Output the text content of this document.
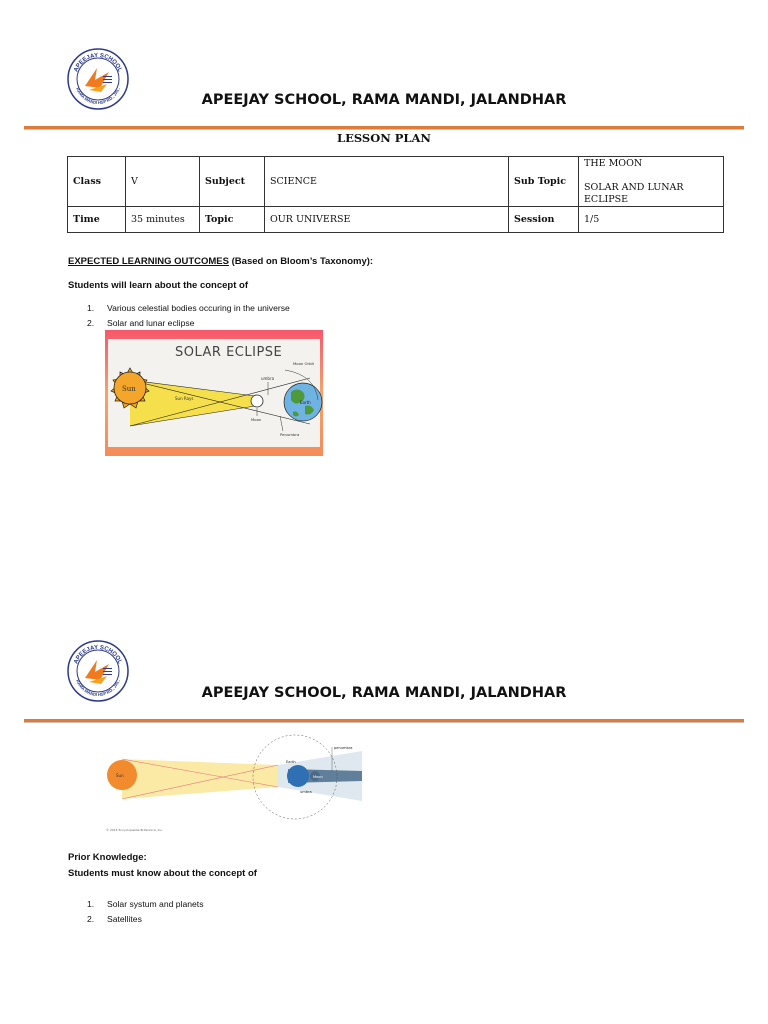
APEEJAY SCHOOL
RAMA MANDI HSP RD., JAL.
APEEJAY SCHOOL, RAMA MANDI, JALANDHAR
LESSON PLAN
Class	V	Subject	SCIENCE	Sub Topic	THE MOON
SOLAR AND LUNAR ECLIPSE

Time	35 minutes	Topic	OUR UNIVERSE	Session	1/5
EXPECTED LEARNING OUTCOMES (Based on Bloom’s Taxonomy):
Students will learn about the concept of
1. Various celestial bodies occuring in the universe
2. Solar and lunar eclipse
Sun
Sun Rays
Earth
SOLAR ECLIPSE
umbra
Moon Orbit
Moon
Penumbra
APEEJAY SCHOOL
RAMA MANDI HSP RD., JAL.
APEEJAY SCHOOL, RAMA MANDI, JALANDHAR
Sun
Earth
Moon
penumbra
umbra
© 2014 Encyclopædia Britannica, Inc.
Prior Knowledge:
Students must know about the concept of
1. Solar systum and planets
2. Satellites
